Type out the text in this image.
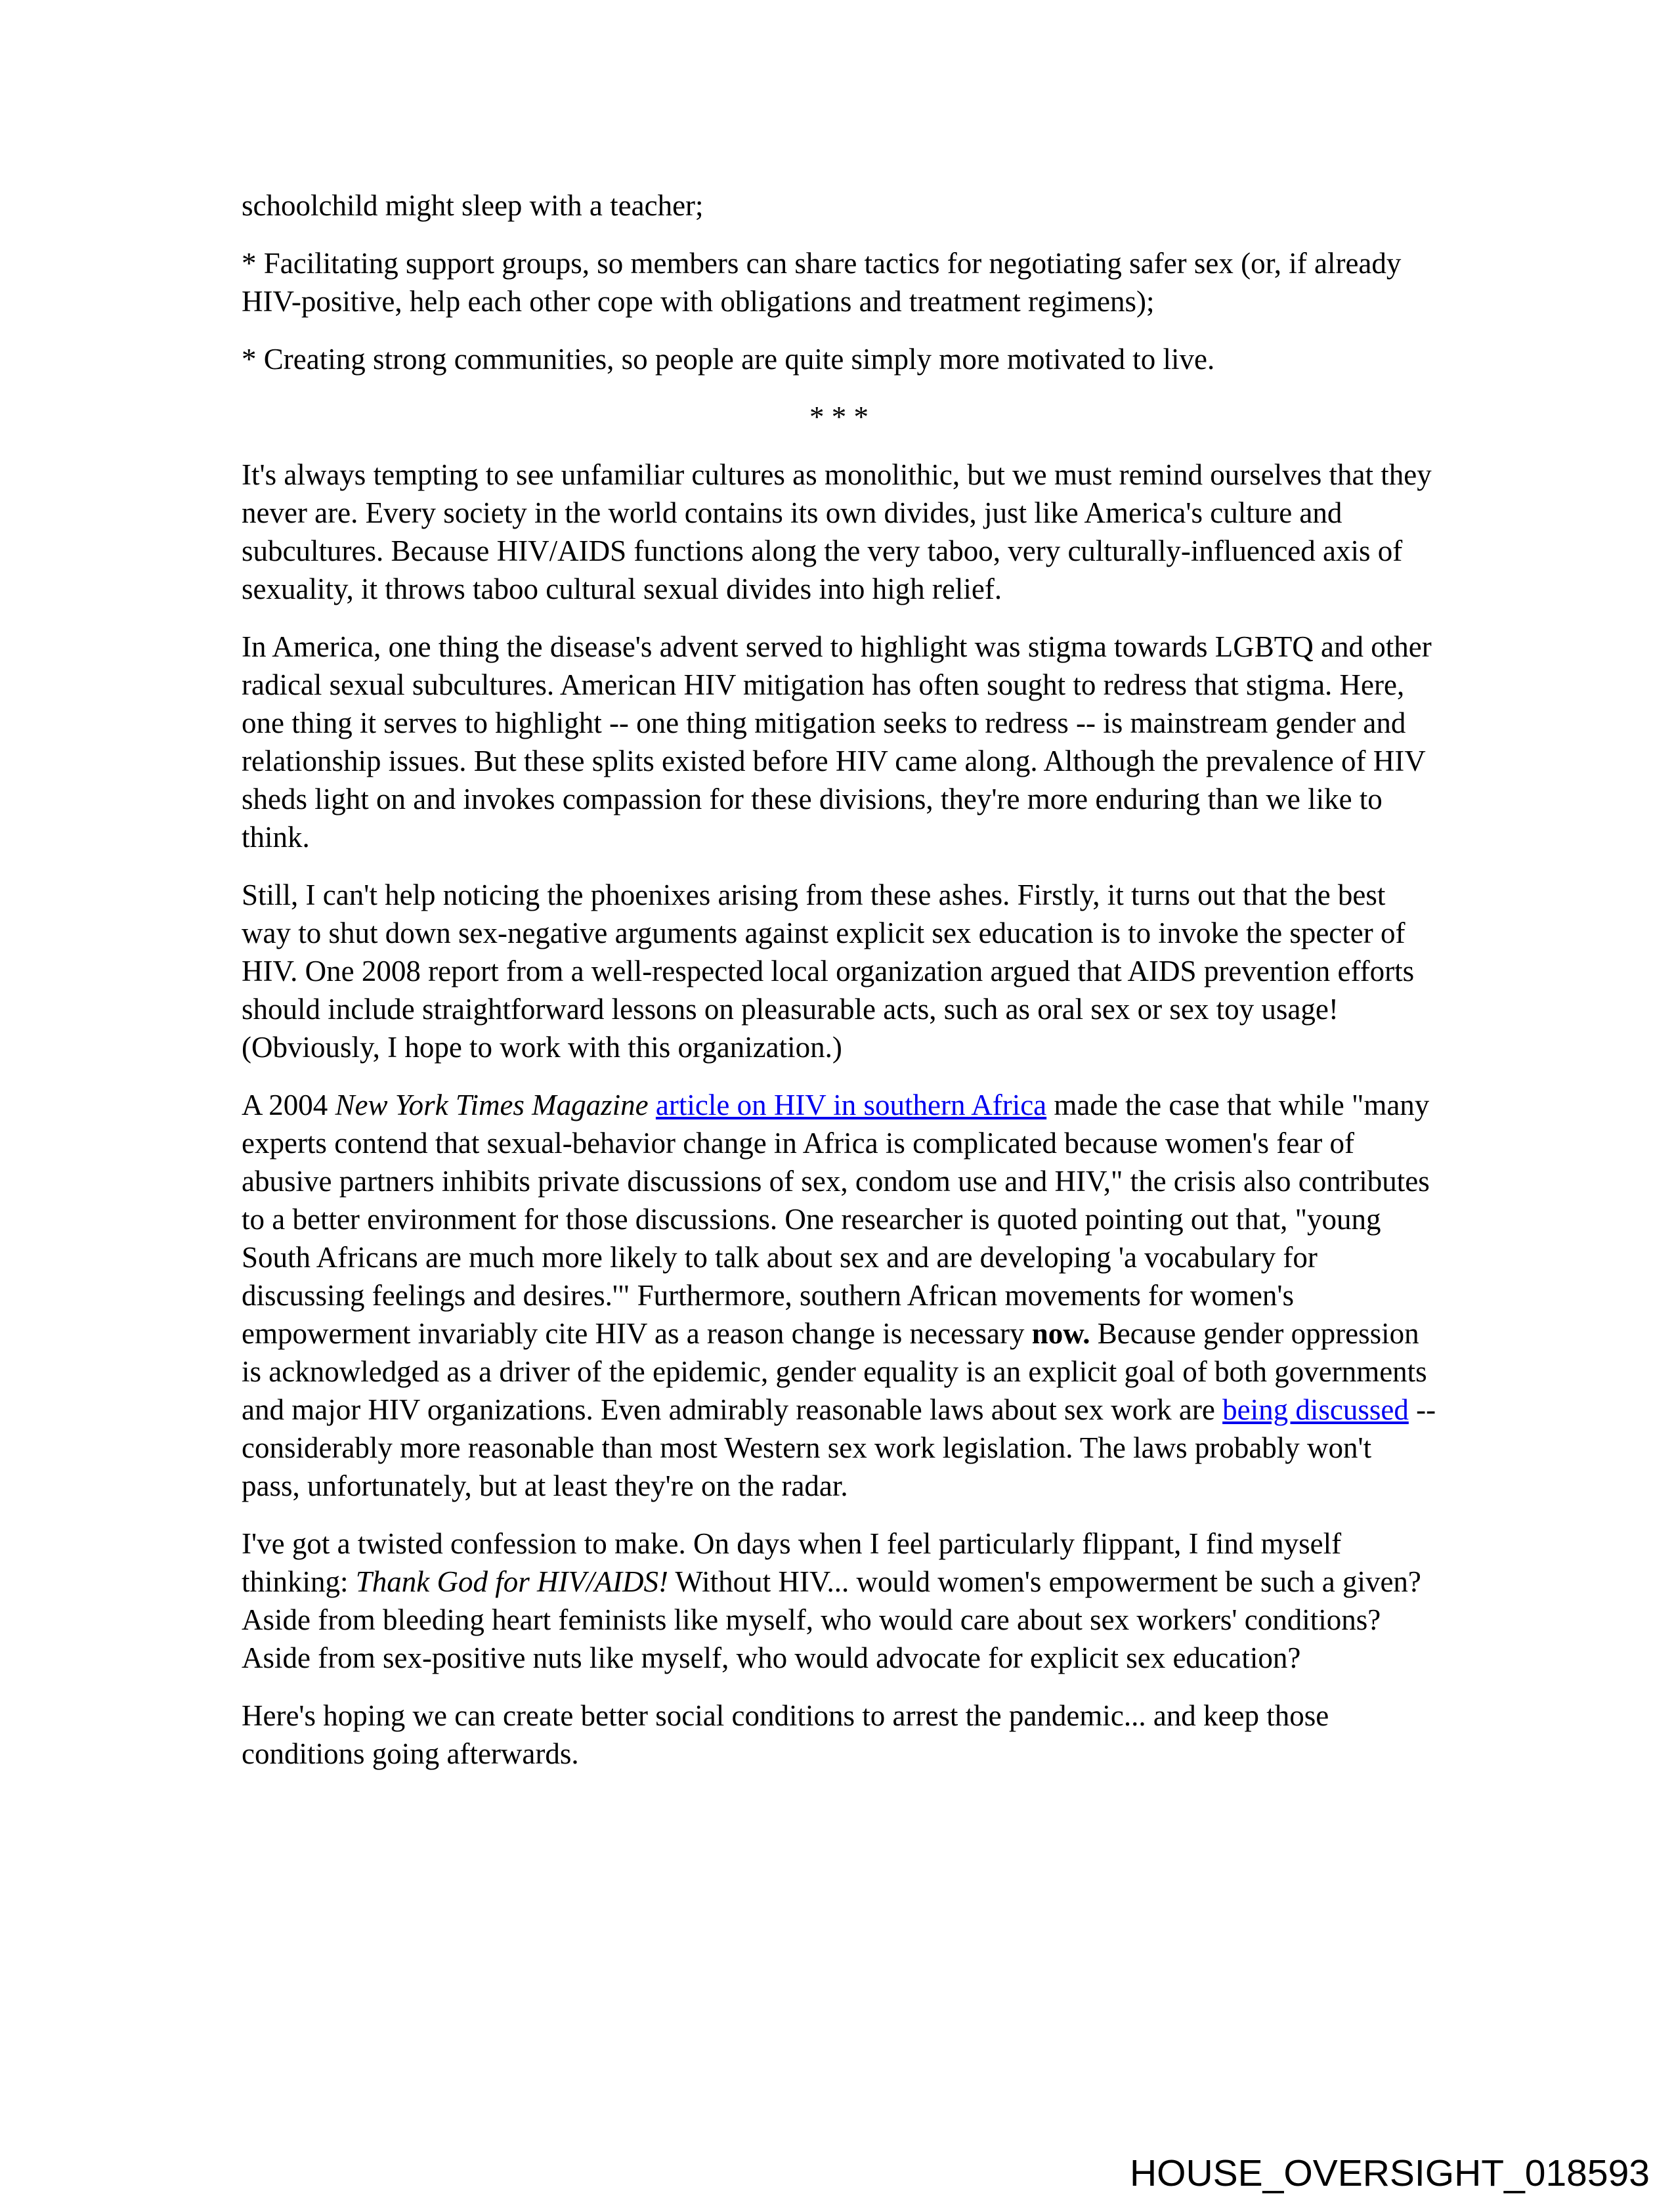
schoolchild might sleep with a teacher;

* Facilitating support groups, so members can share tactics for negotiating safer sex (or, if already HIV-positive, help each other cope with obligations and treatment regimens);

* Creating strong communities, so people are quite simply more motivated to live.

* * *

It's always tempting to see unfamiliar cultures as monolithic, but we must remind ourselves that they never are. Every society in the world contains its own divides, just like America's culture and subcultures. Because HIV/AIDS functions along the very taboo, very culturally-influenced axis of sexuality, it throws taboo cultural sexual divides into high relief.

In America, one thing the disease's advent served to highlight was stigma towards LGBTQ and other radical sexual subcultures. American HIV mitigation has often sought to redress that stigma. Here, one thing it serves to highlight -- one thing mitigation seeks to redress -- is mainstream gender and relationship issues. But these splits existed before HIV came along. Although the prevalence of HIV sheds light on and invokes compassion for these divisions, they're more enduring than we like to think.

Still, I can't help noticing the phoenixes arising from these ashes. Firstly, it turns out that the best way to shut down sex-negative arguments against explicit sex education is to invoke the specter of HIV. One 2008 report from a well-respected local organization argued that AIDS prevention efforts should include straightforward lessons on pleasurable acts, such as oral sex or sex toy usage! (Obviously, I hope to work with this organization.)

A 2004 New York Times Magazine article on HIV in southern Africa made the case that while "many experts contend that sexual-behavior change in Africa is complicated because women's fear of abusive partners inhibits private discussions of sex, condom use and HIV," the crisis also contributes to a better environment for those discussions. One researcher is quoted pointing out that, "young South Africans are much more likely to talk about sex and are developing 'a vocabulary for discussing feelings and desires.'" Furthermore, southern African movements for women's empowerment invariably cite HIV as a reason change is necessary now. Because gender oppression is acknowledged as a driver of the epidemic, gender equality is an explicit goal of both governments and major HIV organizations. Even admirably reasonable laws about sex work are being discussed -- considerably more reasonable than most Western sex work legislation. The laws probably won't pass, unfortunately, but at least they're on the radar.

I've got a twisted confession to make. On days when I feel particularly flippant, I find myself thinking: Thank God for HIV/AIDS! Without HIV... would women's empowerment be such a given? Aside from bleeding heart feminists like myself, who would care about sex workers' conditions? Aside from sex-positive nuts like myself, who would advocate for explicit sex education?

Here's hoping we can create better social conditions to arrest the pandemic... and keep those conditions going afterwards.

HOUSE_OVERSIGHT_018593
